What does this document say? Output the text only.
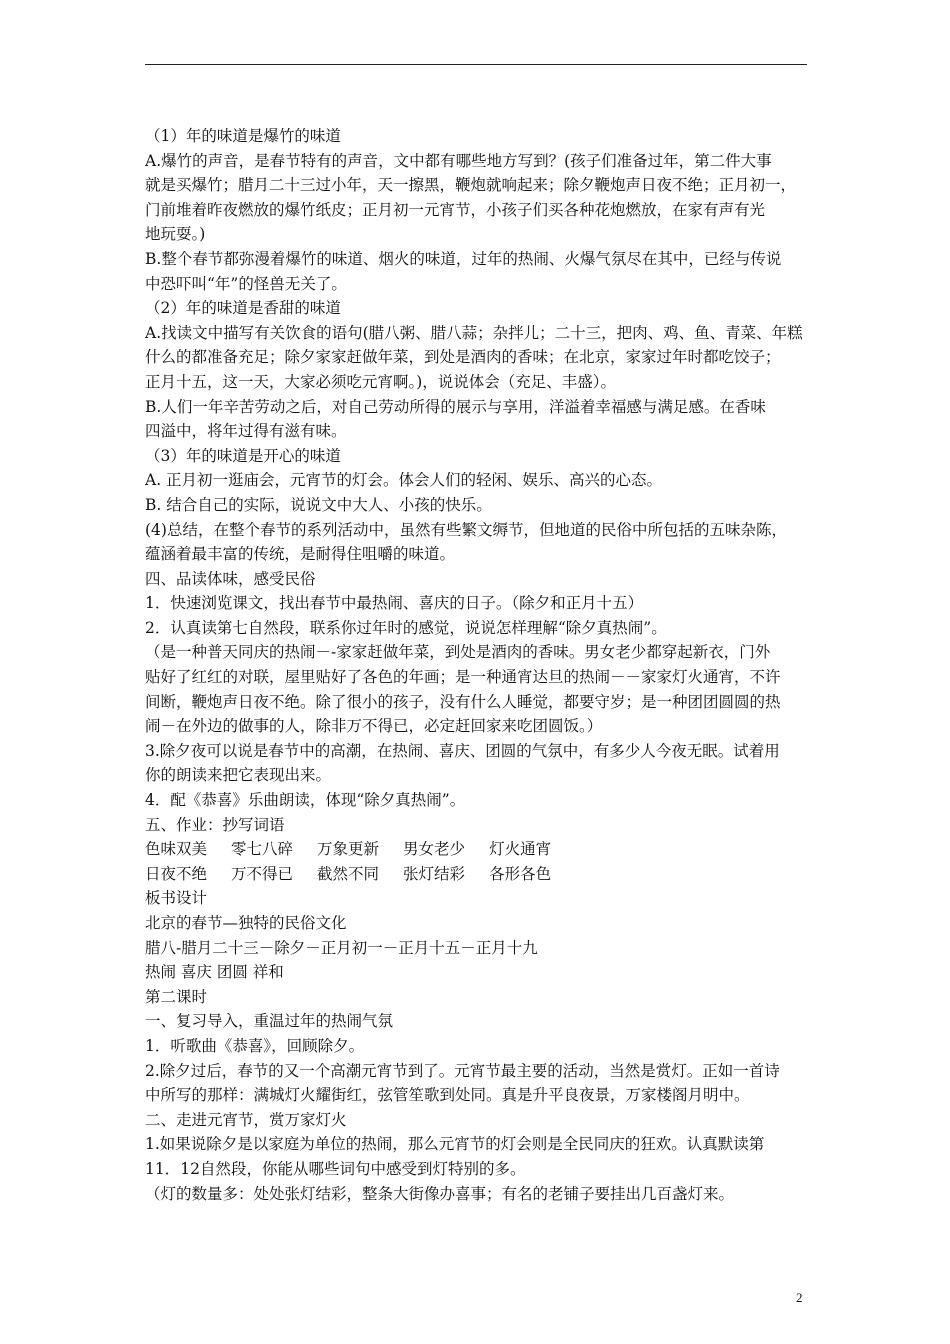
（1）年的味道是爆竹的味道
A.爆竹的声音，是春节特有的声音，文中都有哪些地方写到？(孩子们准备过年，第二件大事
就是买爆竹；腊月二十三过小年，天一擦黑，鞭炮就响起来；除夕鞭炮声日夜不绝；正月初一，
门前堆着昨夜燃放的爆竹纸皮；正月初一元宵节，小孩子们买各种花炮燃放，在家有声有光
地玩耍。)
B.整个春节都弥漫着爆竹的味道、烟火的味道，过年的热闹、火爆气氛尽在其中，已经与传说
中恐吓叫“年”的怪兽无关了。
（2）年的味道是香甜的味道
A.找读文中描写有关饮食的语句(腊八粥、腊八蒜；杂拌儿；二十三，把肉、鸡、鱼、青菜、年糕
什么的都准备充足；除夕家家赶做年菜，到处是酒肉的香味；在北京，家家过年时都吃饺子；
正月十五，这一天，大家必须吃元宵啊。)，说说体会（充足、丰盛）。
B.人们一年辛苦劳动之后，对自己劳动所得的展示与享用，洋溢着幸福感与满足感。在香味
四溢中，将年过得有滋有味。
（3）年的味道是开心的味道
A. 正月初一逛庙会，元宵节的灯会。体会人们的轻闲、娱乐、高兴的心态。
B. 结合自己的实际，说说文中大人、小孩的快乐。
(4)总结，在整个春节的系列活动中，虽然有些繁文缛节，但地道的民俗中所包括的五味杂陈，
蕴涵着最丰富的传统，是耐得住咀嚼的味道。
四、品读体味，感受民俗
1．快速浏览课文，找出春节中最热闹、喜庆的日子。（除夕和正月十五）
2．认真读第七自然段，联系你过年时的感觉，说说怎样理解“除夕真热闹”。
（是一种普天同庆的热闹－-家家赶做年菜，到处是酒肉的香味。男女老少都穿起新衣，门外
贴好了红红的对联，屋里贴好了各色的年画；是一种通宵达旦的热闹－－家家灯火通宵，不许
间断，鞭炮声日夜不绝。除了很小的孩子，没有什么人睡觉，都要守岁；是一种团团圆圆的热
闹－在外边的做事的人，除非万不得已，必定赶回家来吃团圆饭。）
3.除夕夜可以说是春节中的高潮，在热闹、喜庆、团圆的气氛中，有多少人今夜无眠。试着用
你的朗读来把它表现出来。
4．配《恭喜》乐曲朗读，体现“除夕真热闹”。
五、作业：抄写词语
色味双美 零七八碎 万象更新 男女老少 灯火通宵
日夜不绝 万不得已 截然不同 张灯结彩 各形各色
板书设计
北京的春节—独特的民俗文化
腊八-腊月二十三－除夕－正月初一－正月十五－正月十九
热闹 喜庆 团圆 祥和
第二课时
一、复习导入，重温过年的热闹气氛
1．听歌曲《恭喜》，回顾除夕。
2.除夕过后，春节的又一个高潮元宵节到了。元宵节最主要的活动，当然是赏灯。正如一首诗
中所写的那样：满城灯火耀街红，弦管笙歌到处同。真是升平良夜景，万家楼阁月明中。
二、走进元宵节，赏万家灯火
1.如果说除夕是以家庭为单位的热闹，那么元宵节的灯会则是全民同庆的狂欢。认真默读第
11．12自然段，你能从哪些词句中感受到灯特别的多。
（灯的数量多：处处张灯结彩，整条大街像办喜事；有名的老铺子要挂出几百盏灯来。
2
